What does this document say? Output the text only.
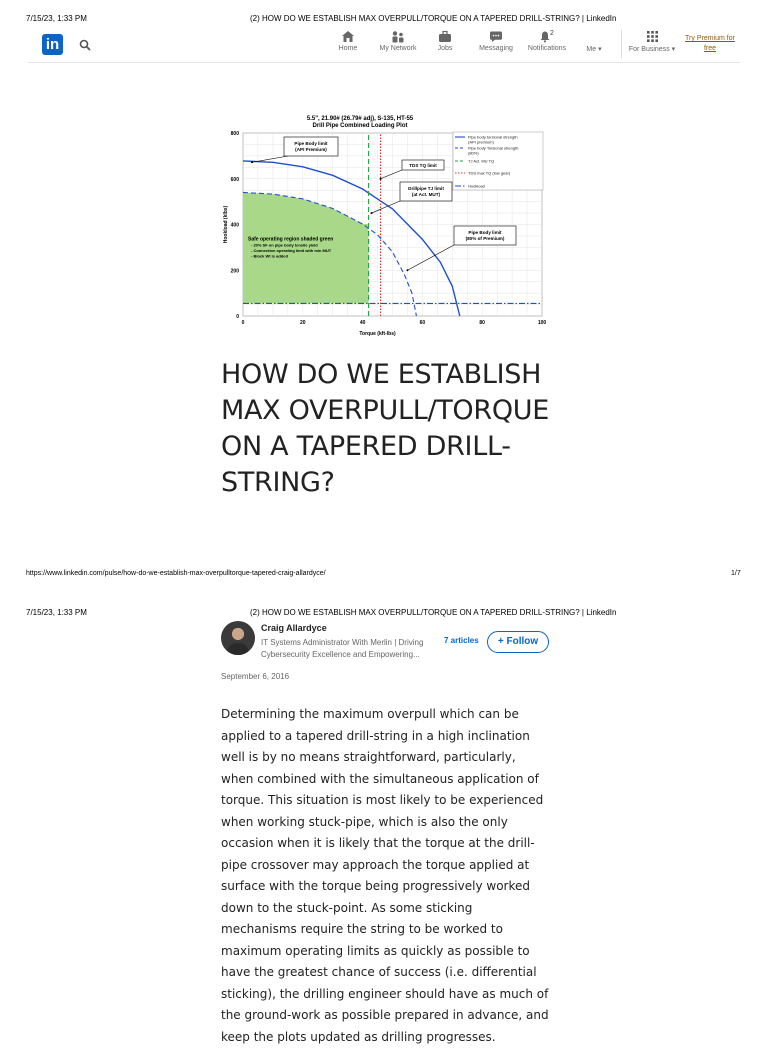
7/15/23, 1:33 PM	(2) HOW DO WE ESTABLISH MAX OVERPULL/TORQUE ON A TAPERED DRILL-STRING? | LinkedIn
in	Home	My Network	Jobs	Messaging
2
Notifications	Me ▾	For Business ▾
Try Premium for
free
5.5", 21.90# (26.79# adj), S-135, HT-55
Drill Pipe Combined Loading Plot
0	20	40	60	80	100
0
200
400
600
800
Torque (kft-lbs)
Hookload (klbs)
Pipe body torsional strength (API premium)
Pipe body Torsional strength (80%)
TJ Act. MU TQ
TDS max TQ (low gear)
Hookload
Pipe Body limit (API Premium)
TDS TQ limit
Drillpipe TJ limit (at Act. MUT)
Pipe Body limit (80% of Premium)
Safe operating region shaded green
- 20% SF on pipe body tensile yield
- Connection operating limit with min MUT
- Block Wt is added
HOW DO WE ESTABLISH MAX OVERPULL/TORQUE ON A TAPERED DRILL-STRING?
https://www.linkedin.com/pulse/how-do-we-establish-max-overpulltorque-tapered-craig-allardyce/	1/7
7/15/23, 1:33 PM	(2) HOW DO WE ESTABLISH MAX OVERPULL/TORQUE ON A TAPERED DRILL-STRING? | LinkedIn
Craig Allardyce
IT Systems Administrator With Merlin | Driving
Cybersecurity Excellence and Empowering...
7 articles	+ Follow
September 6, 2016
Determining the maximum overpull which can be applied to a tapered drill-string in a high inclination well is by no means straightforward, particularly, when combined with the simultaneous application of torque. This situation is most likely to be experienced when working stuck-pipe, which is also the only occasion when it is likely that the torque at the drill-pipe crossover may approach the torque applied at surface with the torque being progressively worked down to the stuck-point. As some sticking mechanisms require the string to be worked to maximum operating limits as quickly as possible to have the greatest chance of success (i.e. differential sticking), the drilling engineer should have as much of the ground-work as possible prepared in advance, and keep the plots updated as drilling progresses.
